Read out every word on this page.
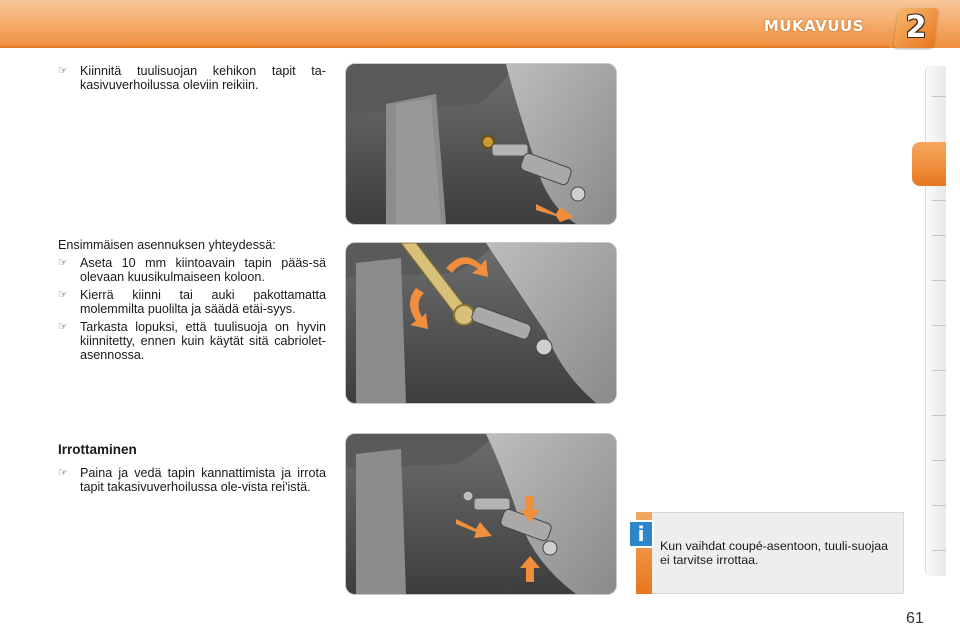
MUKAVUUS	2
☞ Kiinnitä tuulisuojan kehikon tapit ta-kasivuverhoilussa oleviin reikiin.
Ensimmäisen asennuksen yhteydessä:
☞ Aseta 10 mm kiintoavain tapin pääs-sä olevaan kuusikulmaiseen koloon.
☞ Kierrä kiinni tai auki pakottamatta molemmilta puolilta ja säädä etäi-syys.
☞ Tarkasta lopuksi, että tuulisuoja on hyvin kiinnitetty, ennen kuin käytät sitä cabriolet-asennossa.
Irrottaminen
☞ Paina ja vedä tapin kannattimista ja irrota tapit takasivuverhoilussa ole-vista rei'istä.
i	Kun vaihdat coupé-asentoon, tuuli-suojaa ei tarvitse irrottaa.
61
